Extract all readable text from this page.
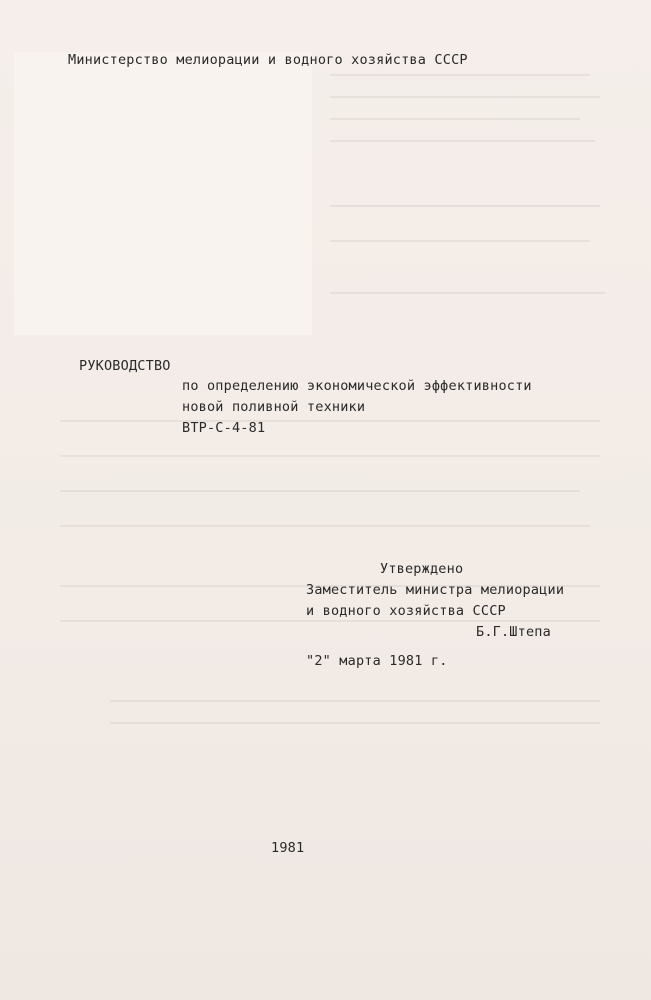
Министерство мелиорации и водного хозяйства СССР
РУКОВОДСТВО
по определению экономической эффективности
новой поливной техники
ВТР-С-4-81
Утверждено
Заместитель министра мелиорации
и водного хозяйства СССР
Б.Г.Штепа
"2" марта 1981 г.
1981
